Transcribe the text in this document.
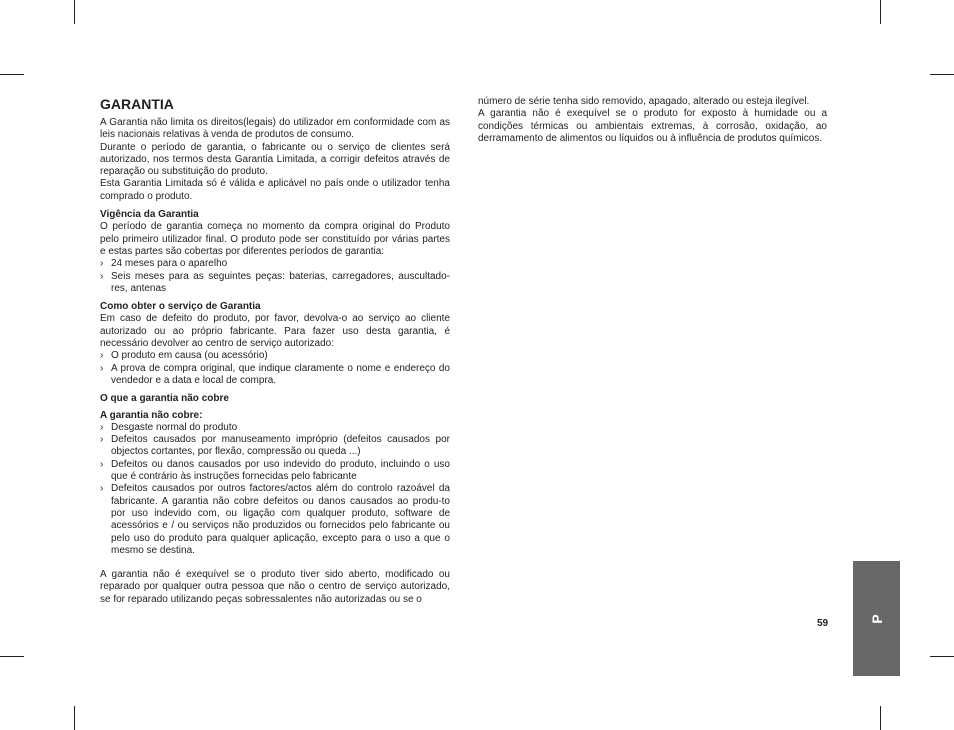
GARANTIA

A Garantia não limita os direitos(legais) do utilizador em conformidade com as leis nacionais relativas à venda de produtos de consumo.

Durante o período de garantia, o fabricante ou o serviço de clientes será autorizado, nos termos desta Garantia Limitada, a corrigir defeitos através de reparação ou substituição do produto.

Esta Garantia Limitada só é válida e aplicável no país onde o utilizador tenha comprado o produto.

Vigência da Garantia

O período de garantia começa no momento da compra original do Produto pelo primeiro utilizador final. O produto pode ser constituído por várias partes e estas partes são cobertas por diferentes períodos de garantia:

› 24 meses para o aparelho
› Seis meses para as seguintes peças: baterias, carregadores, auscultado-res, antenas

Como obter o serviço de Garantia

Em caso de defeito do produto, por favor, devolva-o ao serviço ao cliente autorizado ou ao próprio fabricante. Para fazer uso desta garantia, é necessário devolver ao centro de serviço autorizado:

› O produto em causa (ou acessório)
› A prova de compra original, que indique claramente o nome e endereço do vendedor e a data e local de compra.

O que a garantia não cobre

A garantia não cobre:

› Desgaste normal do produto
› Defeitos causados por manuseamento impróprio (defeitos causados por objectos cortantes, por flexão, compressão ou queda ...)
› Defeitos ou danos causados por uso indevido do produto, incluindo o uso que é contrário às instruções fornecidas pelo fabricante
› Defeitos causados por outros factores/actos além do controlo razoável da fabricante. A garantia não cobre defeitos ou danos causados ao produ-to por uso indevido com, ou ligação com qualquer produto, software de acessórios e / ou serviços não produzidos ou fornecidos pelo fabricante ou pelo uso do produto para qualquer aplicação, excepto para o uso a que o mesmo se destina.

A garantia não é exequível se o produto tiver sido aberto, modificado ou reparado por qualquer outra pessoa que não o centro de serviço autorizado, se for reparado utilizando peças sobressalentes não autorizadas ou se o

número de série tenha sido removido, apagado, alterado ou esteja ilegível.

A garantia não é exequível se o produto for exposto à humidade ou a condições térmicas ou ambientais extremas, à corrosão, oxidação, ao derramamento de alimentos ou líquidos ou à influência de produtos químicos.

59	P
